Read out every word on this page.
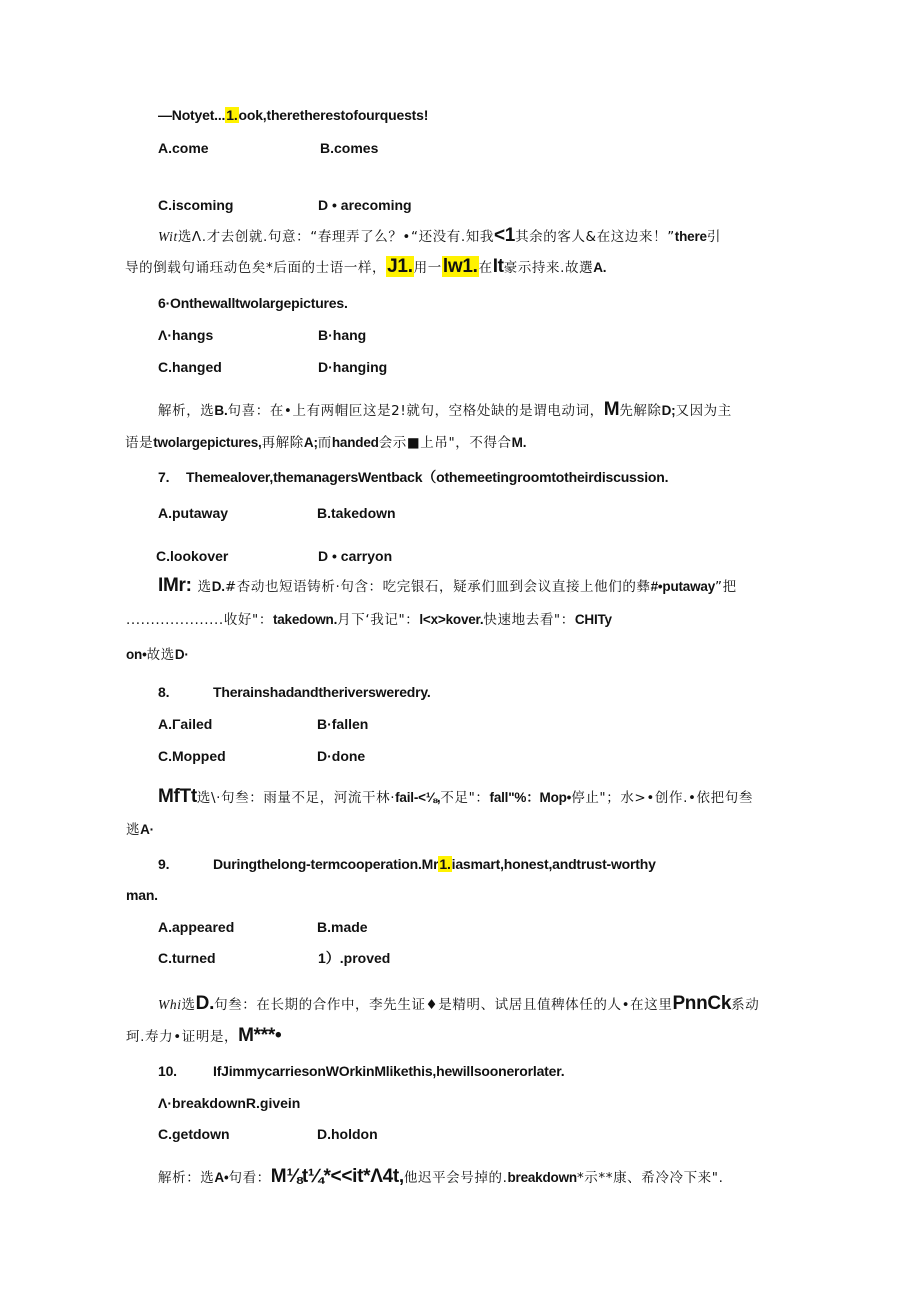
—Notyet...1.ook,theretherestofourquests!
A.come	B.comes
C.iscoming	D • arecoming
Wit选Λ.才去创就.句意：“春理弄了么？•“还没有.知我<1其余的客人&在这边来！”there引
导的倒载句诵珏动色矣*后面的士语一样，J1.用一lw1.在It豪示持来.故選A.
6·Onthewalltwolargepictures.
Λ·hangs	B·hang
C.hanged	D·hanging
解析，选B.句喜：在•上有两帽叵这是2!就句，空格处缺的是谓电动词，M先解除D;又因为主
语是twolargepictures,再解除A;而handed会示■上吊"，不得合M.
7. Themealover,themanagersWentback（othemeetingroomtotheirdiscussion.
A.putaway	B.takedown
C.lookover	D • carryon
IMr: 选D.#杏动也短语铸析·句含：吃完银石，疑承们皿到会议直接上他们的彝#•putaway”把
....................收好"：takedown.月下‘我记"：l<x>kover.快速地去看"：CHITy
on•故选D·
8.	Therainshadandtheriversweredry.
A.Γailed	B·fallen
C.Mopped	D·done
MfTt选\·句叁：雨量不足，河流干林·fail-<⅛,不足"：fall"%：Mop•停止"；水>•创作.•依把句叁
逃A·
9.	Duringthelong-termcooperation.Mr1.iasmart,honest,andtrust-worthy
man.
A.appeared	B.made
C.turned	1）.proved
Whi选D.句叁：在长期的合作中，李先生证♦是精明、试居且值稗体任的人•在这里PnnCk系动
珂.寿力•证明是，M***•
10.	IfJimmycarriesonWOrkinMlikethis,hewillsoonerorlater.
Λ·breakdownR.givein
C.getdown	D.holdon
解析：选A•句看：M⅛t¼*<<it*Λ4t,他迟平会号掉的.breakdown*示**康、希冷冷下来".
